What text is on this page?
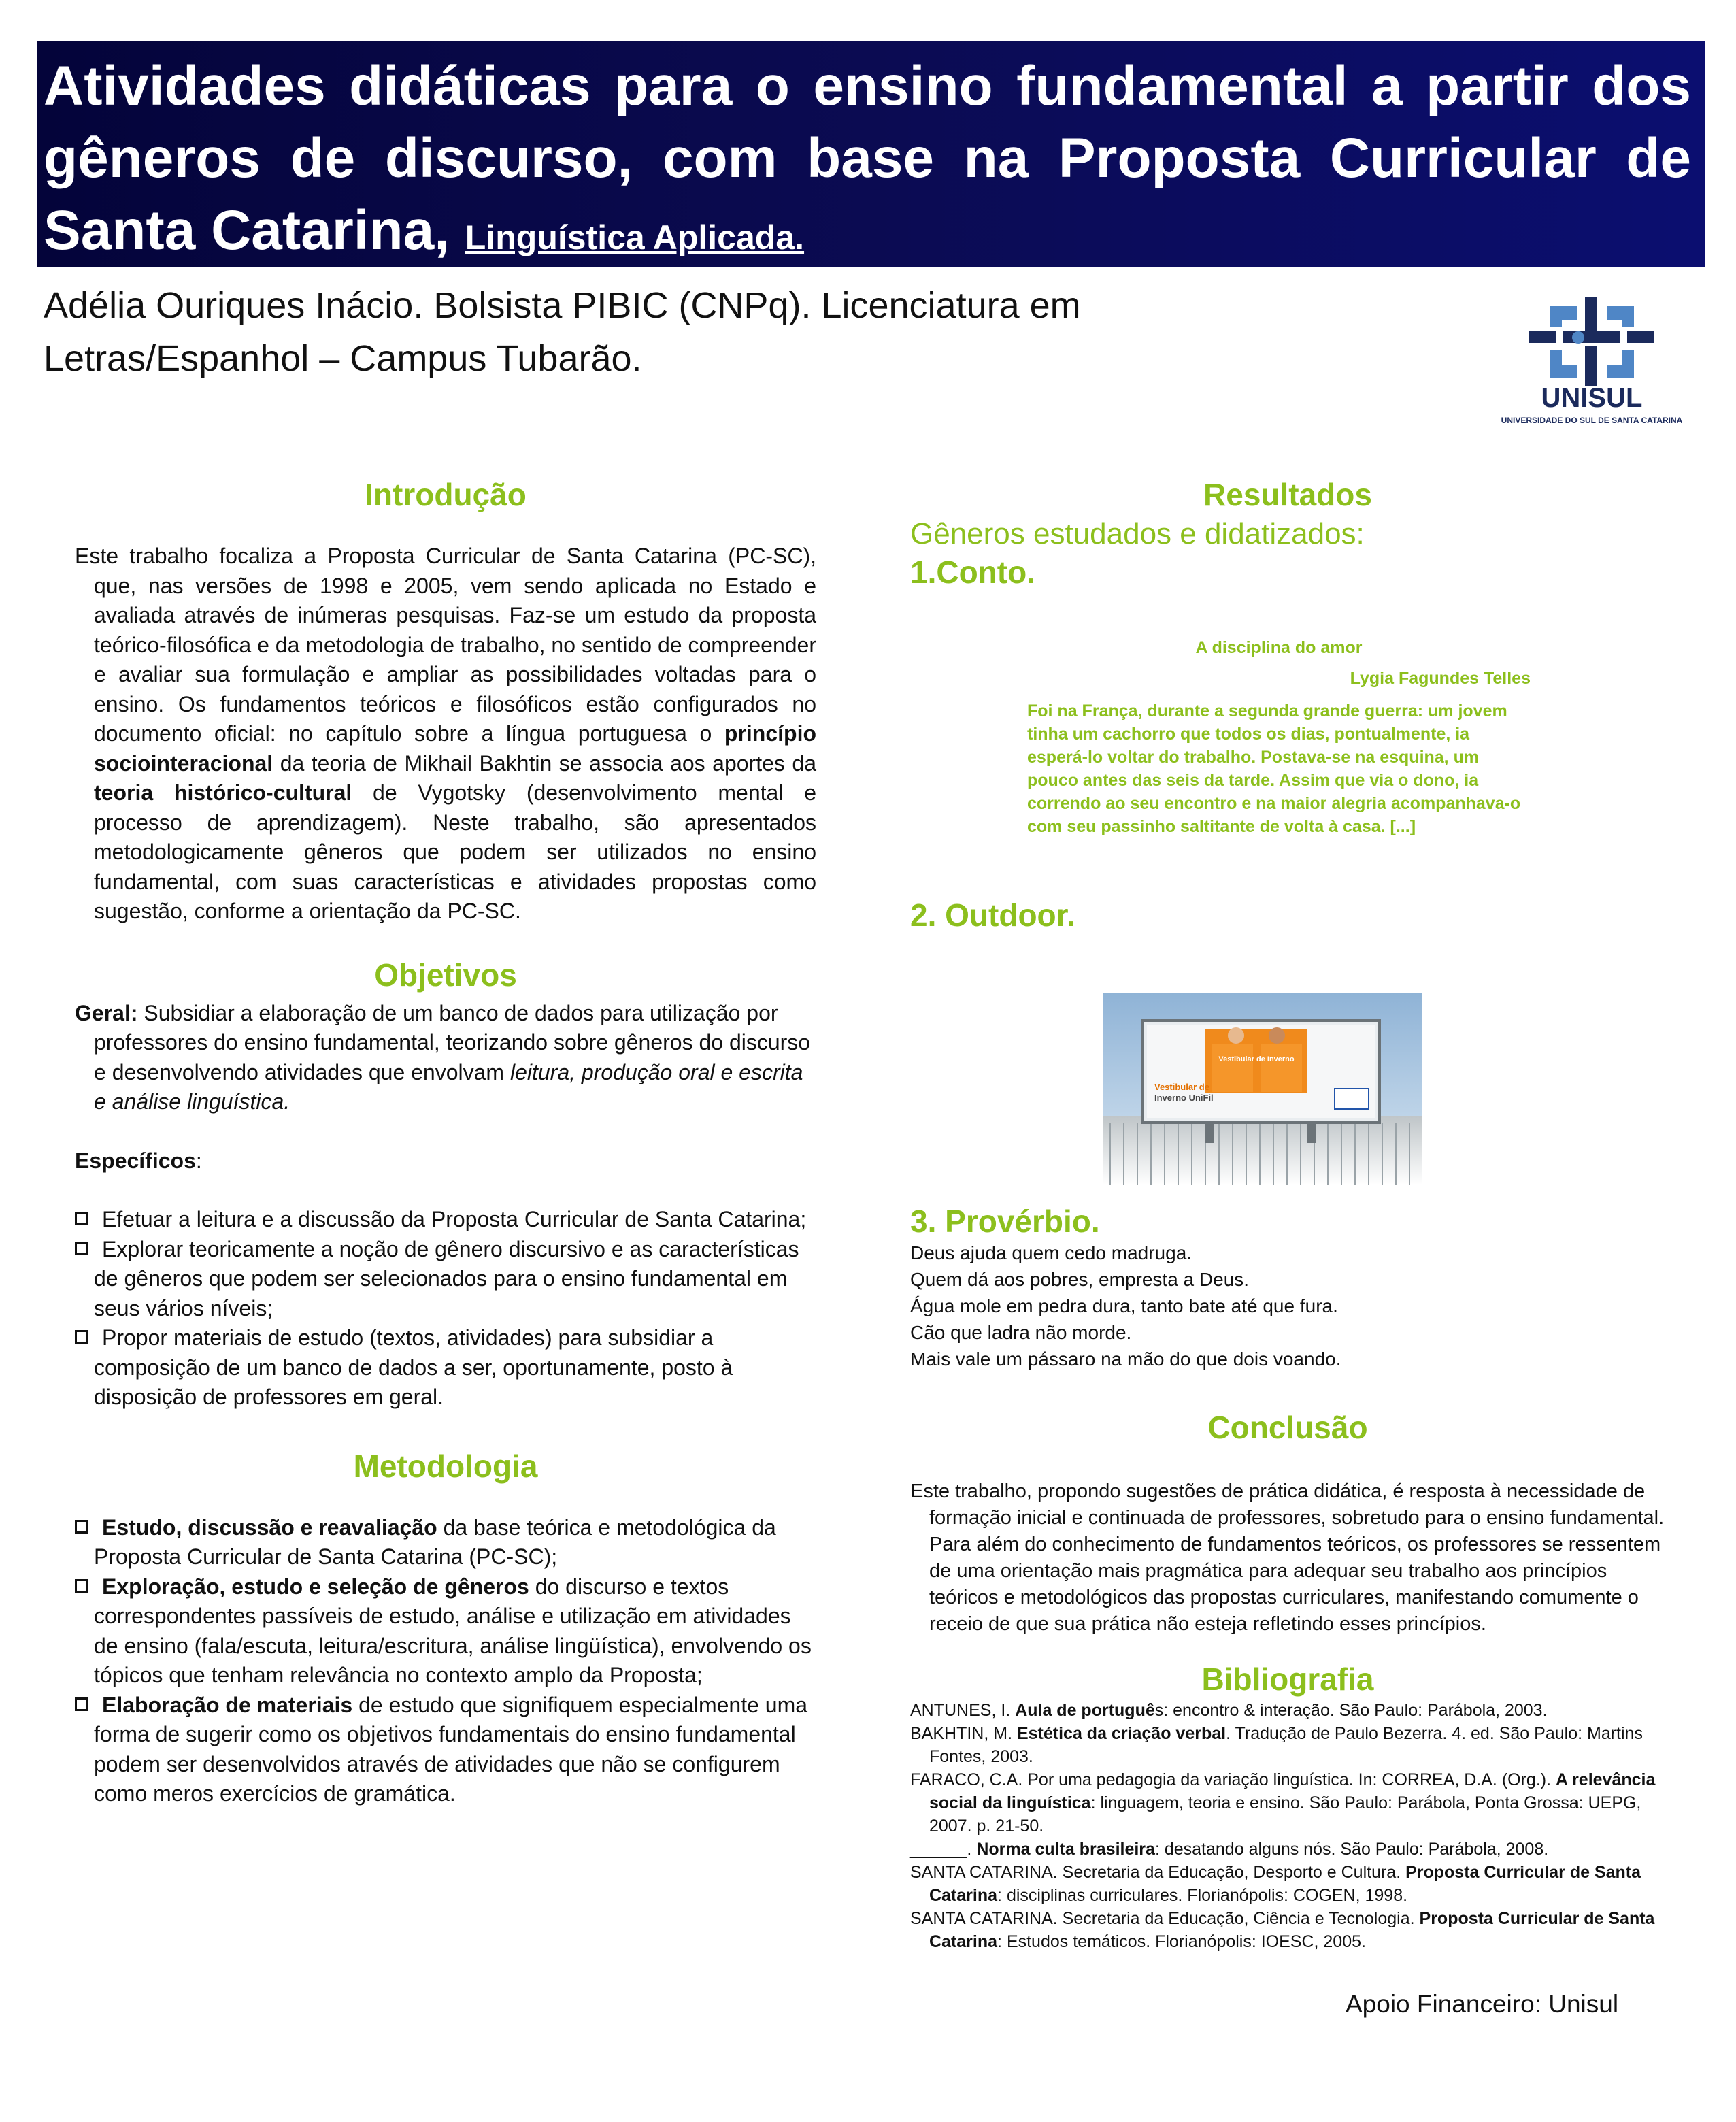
Atividades didáticas para o ensino fundamental a partir dos gêneros de discurso, com base na Proposta Curricular de Santa Catarina, Linguística Aplicada.

Adélia Ouriques Inácio. Bolsista PIBIC (CNPq). Licenciatura em
Letras/Espanhol – Campus Tubarão.
UNISUL
UNIVERSIDADE DO SUL DE SANTA CATARINA
Introdução

Este trabalho focaliza a Proposta Curricular de Santa Catarina (PC-SC), que, nas versões de 1998 e 2005, vem sendo aplicada no Estado e avaliada através de inúmeras pesquisas. Faz-se um estudo da proposta teórico-filosófica e da metodologia de trabalho, no sentido de compreender e avaliar sua formulação e ampliar as possibilidades voltadas para o ensino. Os fundamentos teóricos e filosóficos estão configurados no documento oficial: no capítulo sobre a língua portuguesa o princípio sociointeracional da teoria de Mikhail Bakhtin se associa aos aportes da teoria histórico-cultural de Vygotsky (desenvolvimento mental e processo de aprendizagem). Neste trabalho, são apresentados metodologicamente gêneros que podem ser utilizados no ensino fundamental, com suas características e atividades propostas como sugestão, conforme a orientação da PC-SC.

Objetivos

Geral: Subsidiar a elaboração de um banco de dados para utilização por professores do ensino fundamental, teorizando sobre gêneros do discurso e desenvolvendo atividades que envolvam leitura, produção oral e escrita e análise linguística.

Específicos:

Efetuar a leitura e a discussão da Proposta Curricular de Santa Catarina;

Explorar teoricamente a noção de gênero discursivo e as características de gêneros que podem ser selecionados para o ensino fundamental em seus vários níveis;

Propor materiais de estudo (textos, atividades) para subsidiar a composição de um banco de dados a ser, oportunamente, posto à disposição de professores em geral.

Metodologia

Estudo, discussão e reavaliação da base teórica e metodológica da Proposta Curricular de Santa Catarina (PC-SC);

Exploração, estudo e seleção de gêneros do discurso e textos correspondentes passíveis de estudo, análise e utilização em atividades de ensino (fala/escuta, leitura/escritura, análise lingüística), envolvendo os tópicos que tenham relevância no contexto amplo da Proposta;

Elaboração de materiais de estudo que signifiquem especialmente uma forma de sugerir como os objetivos fundamentais do ensino fundamental podem ser desenvolvidos através de atividades que não se configurem como meros exercícios de gramática.

Resultados
Gêneros estudados e didatizados:
1.Conto.
A disciplina do amor
Lygia Fagundes Telles
Foi na França, durante a segunda grande guerra: um jovem tinha um cachorro que todos os dias, pontualmente, ia esperá-lo voltar do trabalho. Postava-se na esquina, um pouco antes das seis da tarde. Assim que via o dono, ia correndo ao seu encontro e na maior alegria acompanhava-o com seu passinho saltitante de volta à casa. [...]
2. Outdoor.
Vestibular de Inverno
Vestibular de
Inverno UniFil
3. Provérbio.
Deus ajuda quem cedo madruga.
Quem dá aos pobres, empresta a Deus.
Água mole em pedra dura, tanto bate até que fura.
Cão que ladra não morde.
Mais vale um pássaro na mão do que dois voando.
Conclusão

Este trabalho, propondo sugestões de prática didática, é resposta à necessidade de formação inicial e continuada de professores, sobretudo para o ensino fundamental. Para além do conhecimento de fundamentos teóricos, os professores se ressentem de uma orientação mais pragmática para adequar seu trabalho aos princípios teóricos e metodológicos das propostas curriculares, manifestando comumente o receio de que sua prática não esteja refletindo esses princípios.

Bibliografia

ANTUNES, I. Aula de português: encontro & interação. São Paulo: Parábola, 2003.

BAKHTIN, M. Estética da criação verbal. Tradução de Paulo Bezerra. 4. ed. São Paulo: Martins Fontes, 2003.

FARACO, C.A. Por uma pedagogia da variação linguística. In: CORREA, D.A. (Org.). A relevância social da linguística: linguagem, teoria e ensino. São Paulo: Parábola, Ponta Grossa: UEPG, 2007. p. 21-50.

______. Norma culta brasileira: desatando alguns nós. São Paulo: Parábola, 2008.

SANTA CATARINA. Secretaria da Educação, Desporto e Cultura. Proposta Curricular de Santa Catarina: disciplinas curriculares. Florianópolis: COGEN, 1998.

SANTA CATARINA. Secretaria da Educação, Ciência e Tecnologia. Proposta Curricular de Santa Catarina: Estudos temáticos. Florianópolis: IOESC, 2005.

Apoio Financeiro: Unisul
